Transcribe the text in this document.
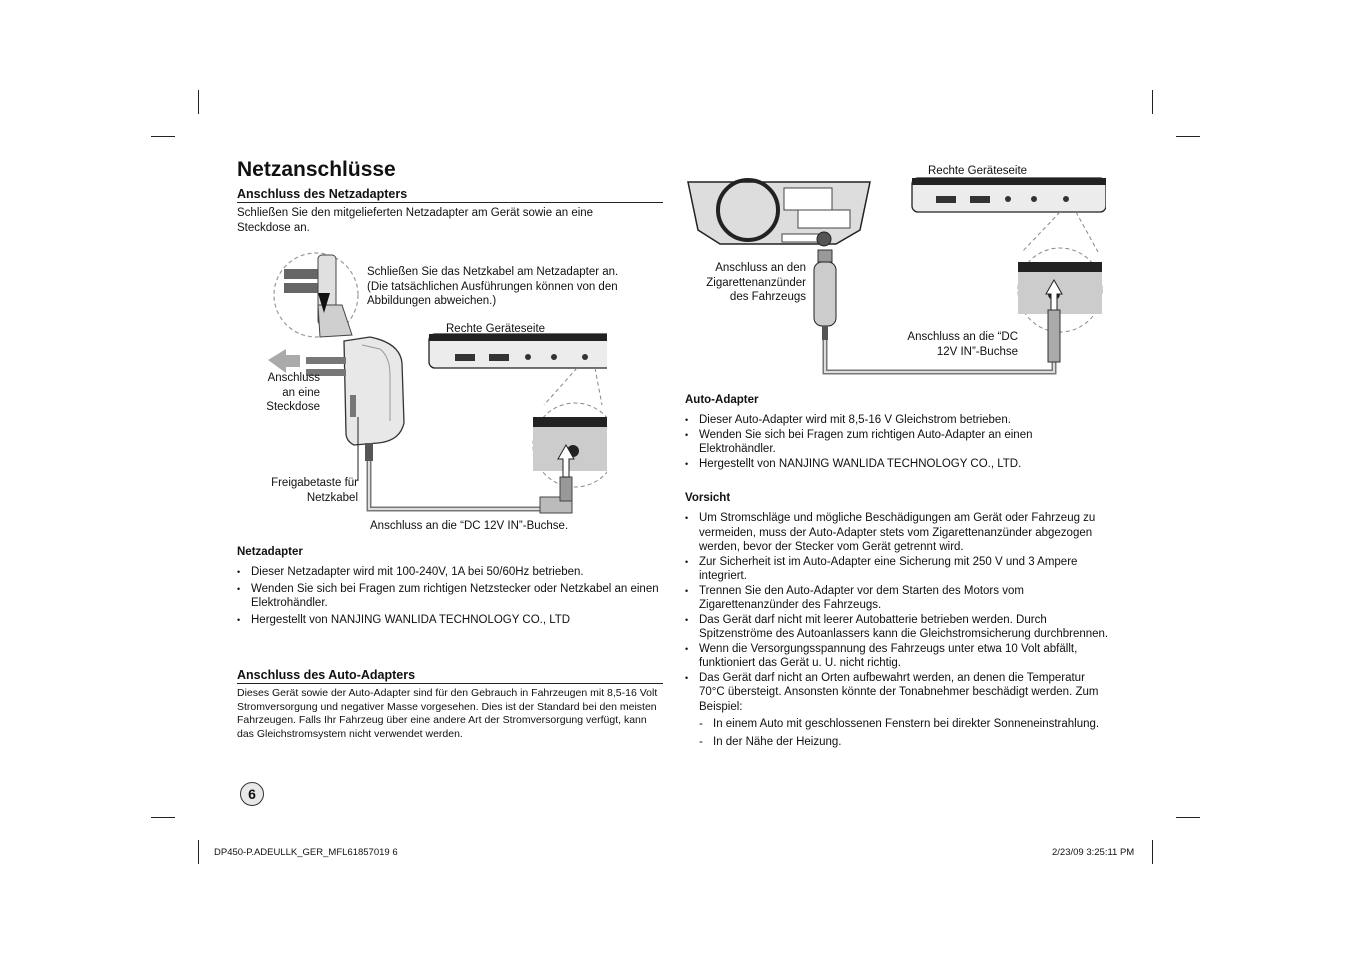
Netzanschlüsse
Anschluss des Netzadapters
Schließen Sie den mitgelieferten Netzadapter am Gerät sowie an eine Steckdose an.
Schließen Sie das Netzkabel am Netzadapter an. (Die tatsächlichen Ausführungen können von den Abbildungen abweichen.)
Rechte Geräteseite
Anschluss an eine Steckdose
Freigabetaste für Netzkabel
Anschluss an die “DC 12V IN”-Buchse.
Netzadapter
• Dieser Netzadapter wird mit 100-240V, 1A bei 50/60Hz betrieben.
• Wenden Sie sich bei Fragen zum richtigen Netzstecker oder Netzkabel an einen Elektrohändler.
• Hergestellt von NANJING WANLIDA TECHNOLOGY CO., LTD
Anschluss des Auto-Adapters
Dieses Gerät sowie der Auto-Adapter sind für den Gebrauch in Fahrzeugen mit 8,5-16 Volt Stromversorgung und negativer Masse vorgesehen. Dies ist der Standard bei den meisten Fahrzeugen. Falls Ihr Fahrzeug über eine andere Art der Stromversorgung verfügt, kann das Gleichstromsystem nicht verwendet werden.
6
Rechte Geräteseite
Anschluss an den Zigarettenanzünder des Fahrzeugs
Anschluss an die “DC 12V IN”-Buchse
Auto-Adapter
• Dieser Auto-Adapter wird mit 8,5-16 V Gleichstrom betrieben.
• Wenden Sie sich bei Fragen zum richtigen Auto-Adapter an einen Elektrohändler.
• Hergestellt von NANJING WANLIDA TECHNOLOGY CO., LTD.
Vorsicht
• Um Stromschläge und mögliche Beschädigungen am Gerät oder Fahrzeug zu vermeiden, muss der Auto-Adapter stets vom Zigarettenanzünder abgezogen werden, bevor der Stecker vom Gerät getrennt wird.
• Zur Sicherheit ist im Auto-Adapter eine Sicherung mit 250 V und 3 Ampere integriert.
• Trennen Sie den Auto-Adapter vor dem Starten des Motors vom Zigarettenanzünder des Fahrzeugs.
• Das Gerät darf nicht mit leerer Autobatterie betrieben werden. Durch Spitzenströme des Autoanlassers kann die Gleichstromsicherung durchbrennen.
• Wenn die Versorgungsspannung des Fahrzeugs unter etwa 10 Volt abfällt, funktioniert das Gerät u. U. nicht richtig.
• Das Gerät darf nicht an Orten aufbewahrt werden, an denen die Temperatur 70°C übersteigt. Ansonsten könnte der Tonabnehmer beschädigt werden. Zum Beispiel:
- In einem Auto mit geschlossenen Fenstern bei direkter Sonneneinstrahlung.
- In der Nähe der Heizung.
DP450-P.ADEULLK_GER_MFL61857019 6	2/23/09 3:25:11 PM
